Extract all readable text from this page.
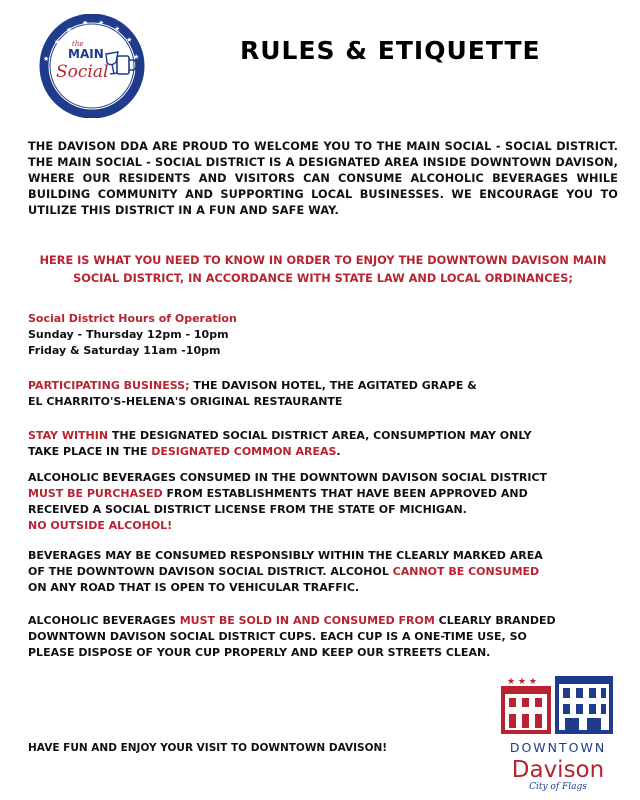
★
★
★ ★
★
★
★
★
the
MAIN
Social
DAVISON
RULES & ETIQUETTE
THE DAVISON DDA ARE PROUD TO WELCOME YOU TO THE MAIN SOCIAL - SOCIAL DISTRICT. THE MAIN SOCIAL - SOCIAL DISTRICT IS A DESIGNATED AREA INSIDE DOWNTOWN DAVISON, WHERE OUR RESIDENTS AND VISITORS CAN CONSUME ALCOHOLIC BEVERAGES WHILE BUILDING COMMUNITY AND SUPPORTING LOCAL BUSINESSES. WE ENCOURAGE YOU TO UTILIZE THIS DISTRICT IN A FUN AND SAFE WAY.
HERE IS WHAT YOU NEED TO KNOW IN ORDER TO ENJOY THE DOWNTOWN DAVISON MAIN SOCIAL DISTRICT, IN ACCORDANCE WITH STATE LAW AND LOCAL ORDINANCES;
Social District Hours of Operation
Sunday - Thursday 12pm - 10pm
Friday & Saturday 11am -10pm
PARTICIPATING BUSINESS; THE DAVISON HOTEL, THE AGITATED GRAPE &
EL CHARRITO'S-HELENA'S ORIGINAL RESTAURANTE
STAY WITHIN THE DESIGNATED SOCIAL DISTRICT AREA, CONSUMPTION MAY ONLY
TAKE PLACE IN THE DESIGNATED COMMON AREAS.
ALCOHOLIC BEVERAGES CONSUMED IN THE DOWNTOWN DAVISON SOCIAL DISTRICT
MUST BE PURCHASED FROM ESTABLISHMENTS THAT HAVE BEEN APPROVED AND
RECEIVED A SOCIAL DISTRICT LICENSE FROM THE STATE OF MICHIGAN.
NO OUTSIDE ALCOHOL!
BEVERAGES MAY BE CONSUMED RESPONSIBLY WITHIN THE CLEARLY MARKED AREA
OF THE DOWNTOWN DAVISON SOCIAL DISTRICT. ALCOHOL CANNOT BE CONSUMED
ON ANY ROAD THAT IS OPEN TO VEHICULAR TRAFFIC.
ALCOHOLIC BEVERAGES MUST BE SOLD IN AND CONSUMED FROM CLEARLY BRANDED
DOWNTOWN DAVISON SOCIAL DISTRICT CUPS. EACH CUP IS A ONE-TIME USE, SO
PLEASE DISPOSE OF YOUR CUP PROPERLY AND KEEP OUR STREETS CLEAN.
HAVE FUN AND ENJOY YOUR VISIT TO DOWNTOWN DAVISON!
★ ★ ★
DOWNTOWN
Davison
City of Flags
